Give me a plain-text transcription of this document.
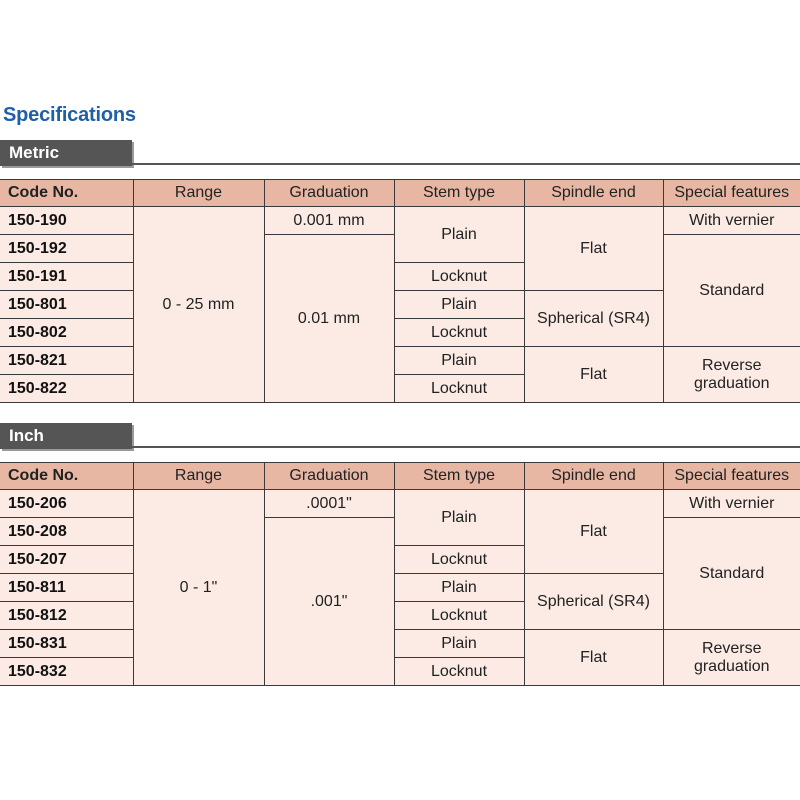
Specifications
Metric
Code No.	Range	Graduation	Stem type	Spindle end	Special features
150-190	0 - 25 mm	0.001 mm	Plain	Flat	With vernier
150-192		0.01 mm			Standard
150-191			Locknut		
150-801			Plain	Spherical (SR4)	
150-802			Locknut		
150-821			Plain	Flat	Reverse
graduation
150-822			Locknut		
Inch
Code No.	Range	Graduation	Stem type	Spindle end	Special features
150-206	0 - 1"	.0001"	Plain	Flat	With vernier
150-208		.001"			Standard
150-207			Locknut		
150-811			Plain	Spherical (SR4)	
150-812			Locknut		
150-831			Plain	Flat	Reverse
graduation
150-832			Locknut		
